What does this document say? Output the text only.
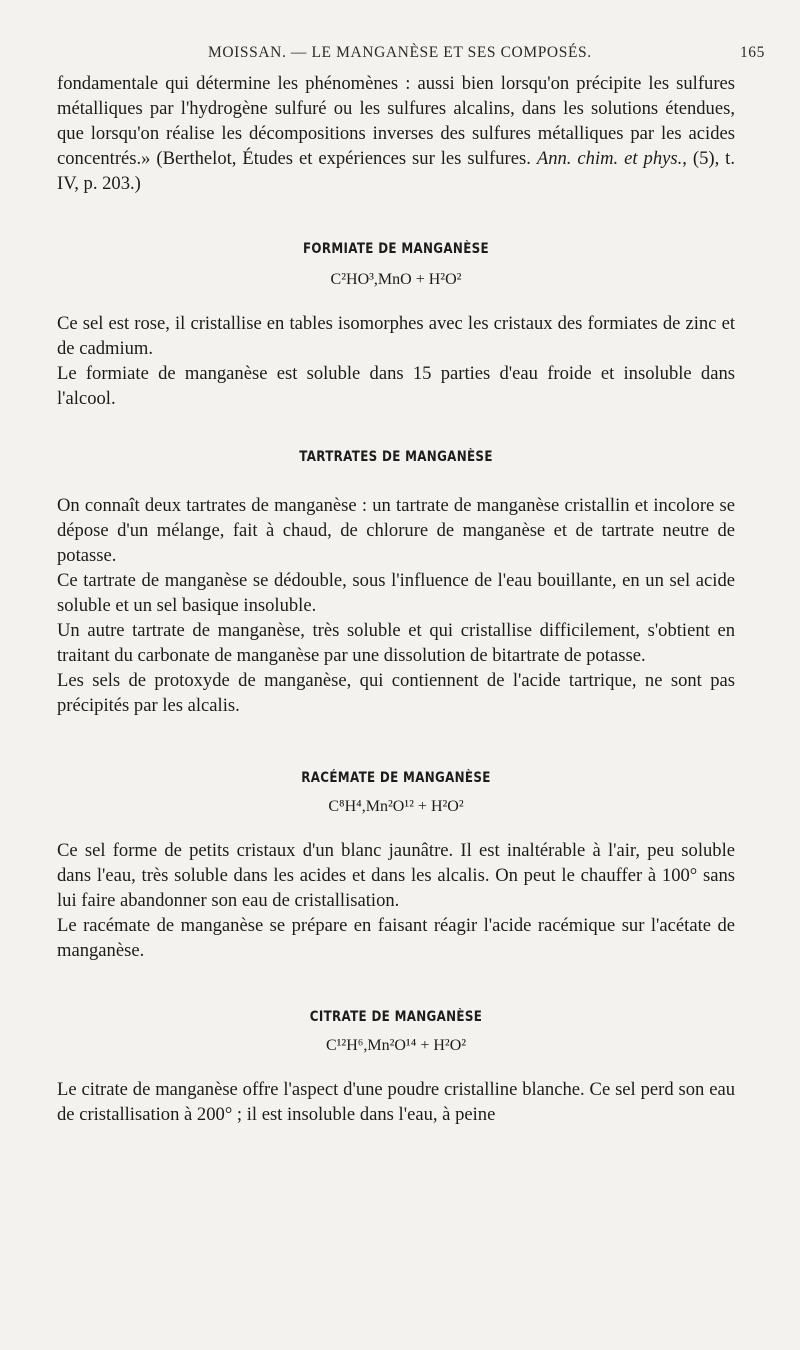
MOISSAN. — LE MANGANÈSE ET SES COMPOSÉS.	165

fondamentale qui détermine les phénomènes : aussi bien lorsqu'on précipite les sulfures métalliques par l'hydrogène sulfuré ou les sulfures alcalins, dans les solutions étendues, que lorsqu'on réalise les décompositions inverses des sulfures métalliques par les acides concentrés.» (Berthelot, Études et expériences sur les sulfures. Ann. chim. et phys., (5), t. IV, p. 203.)

FORMIATE DE MANGANÈSE
C²HO³,MnO + H²O²

Ce sel est rose, il cristallise en tables isomorphes avec les cristaux des formiates de zinc et de cadmium.

Le formiate de manganèse est soluble dans 15 parties d'eau froide et insoluble dans l'alcool.

TARTRATES DE MANGANÈSE

On connaît deux tartrates de manganèse : un tartrate de manganèse cristallin et incolore se dépose d'un mélange, fait à chaud, de chlorure de manganèse et de tartrate neutre de potasse.

Ce tartrate de manganèse se dédouble, sous l'influence de l'eau bouillante, en un sel acide soluble et un sel basique insoluble.

Un autre tartrate de manganèse, très soluble et qui cristallise difficilement, s'obtient en traitant du carbonate de manganèse par une dissolution de bitartrate de potasse.

Les sels de protoxyde de manganèse, qui contiennent de l'acide tartrique, ne sont pas précipités par les alcalis.

RACÉMATE DE MANGANÈSE
C⁸H⁴,Mn²O¹² + H²O²

Ce sel forme de petits cristaux d'un blanc jaunâtre. Il est inaltérable à l'air, peu soluble dans l'eau, très soluble dans les acides et dans les alcalis. On peut le chauffer à 100° sans lui faire abandonner son eau de cristallisation.

Le racémate de manganèse se prépare en faisant réagir l'acide racémique sur l'acétate de manganèse.

CITRATE DE MANGANÈSE
C¹²H⁶,Mn²O¹⁴ + H²O²

Le citrate de manganèse offre l'aspect d'une poudre cristalline blanche. Ce sel perd son eau de cristallisation à 200° ; il est insoluble dans l'eau, à peine
